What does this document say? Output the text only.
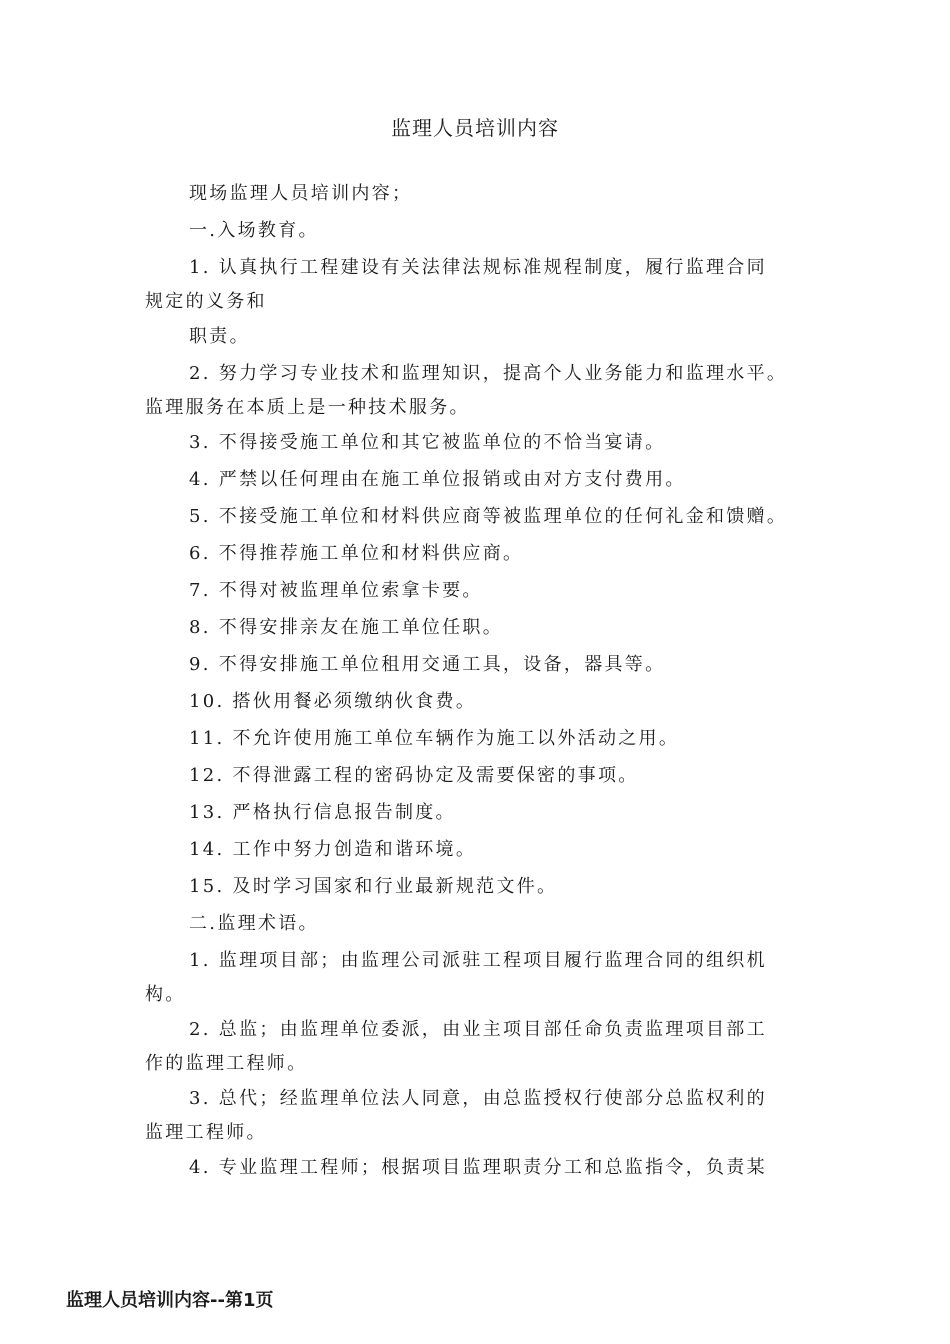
监理人员培训内容
现场监理人员培训内容；
一.入场教育。
1. 认真执行工程建设有关法律法规标准规程制度，履行监理合同
规定的义务和
职责。
2. 努力学习专业技术和监理知识，提高个人业务能力和监理水平。
监理服务在本质上是一种技术服务。
3. 不得接受施工单位和其它被监单位的不恰当宴请。
4. 严禁以任何理由在施工单位报销或由对方支付费用。
5. 不接受施工单位和材料供应商等被监理单位的任何礼金和馈赠。
6. 不得推荐施工单位和材料供应商。
7. 不得对被监理单位索拿卡要。
8. 不得安排亲友在施工单位任职。
9. 不得安排施工单位租用交通工具，设备，器具等。
10. 搭伙用餐必须缴纳伙食费。
11. 不允许使用施工单位车辆作为施工以外活动之用。
12. 不得泄露工程的密码协定及需要保密的事项。
13. 严格执行信息报告制度。
14. 工作中努力创造和谐环境。
15. 及时学习国家和行业最新规范文件。
二.监理术语。
1. 监理项目部；由监理公司派驻工程项目履行监理合同的组织机
构。
2. 总监；由监理单位委派，由业主项目部任命负责监理项目部工
作的监理工程师。
3. 总代；经监理单位法人同意，由总监授权行使部分总监权利的
监理工程师。
4. 专业监理工程师；根据项目监理职责分工和总监指令，负责某
监理人员培训内容--第1页
